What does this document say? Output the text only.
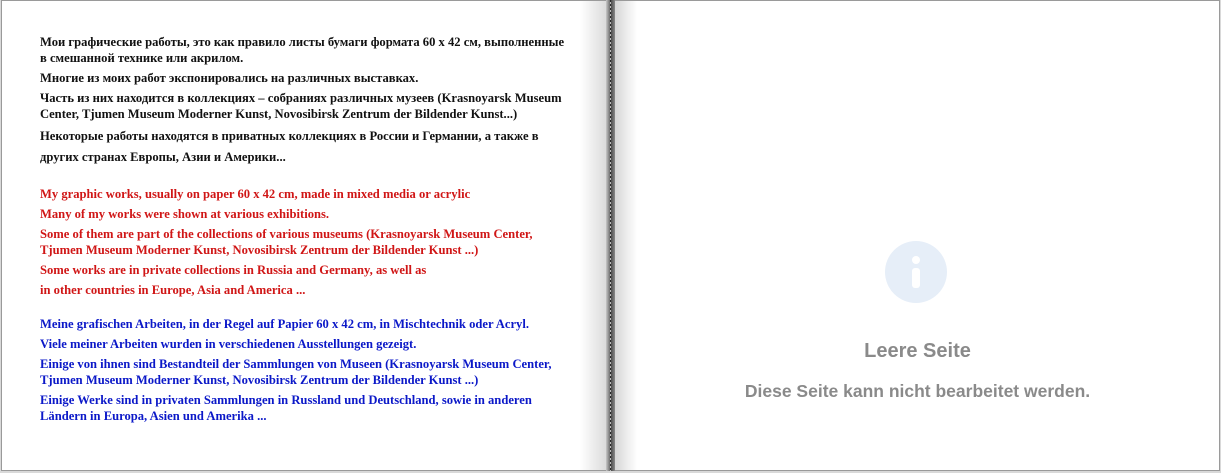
Мои графические работы, это как правило листы бумаги формата 60 х 42 см, выполненные в смешанной технике или акрилом.

Многие из моих работ экспонировались на различных выставках.

Часть из них находится в коллекциях – собраниях различных музеев (Krasnoyarsk Museum Center, Tjumen Museum Moderner Kunst, Novosibirsk Zentrum der Bildender Kunst...)

Некоторые работы находятся в приватных коллекциях в России и Германии, а также в других странах Европы, Азии и Америки...

My graphic works, usually on paper 60 x 42 cm, made in mixed media or acrylic

Many of my works were shown at various exhibitions.

Some of them are part of the collections of various museums (Krasnoyarsk Museum Center, Tjumen Museum Moderner Kunst, Novosibirsk Zentrum der Bildender Kunst ...)

Some works are in private collections in Russia and Germany, as well as

in other countries in Europe, Asia and America ...

Meine grafischen Arbeiten, in der Regel auf Papier 60 x 42 cm, in Mischtechnik oder Acryl.

Viele meiner Arbeiten wurden in verschiedenen Ausstellungen gezeigt.

Einige von ihnen sind Bestandteil der Sammlungen von Museen (Krasnoyarsk Museum Center, Tjumen Museum Moderner Kunst, Novosibirsk Zentrum der Bildender Kunst ...)

Einige Werke sind in privaten Sammlungen in Russland und Deutschland, sowie in anderen Ländern in Europa, Asien und Amerika ...

Leere Seite
Diese Seite kann nicht bearbeitet werden.
